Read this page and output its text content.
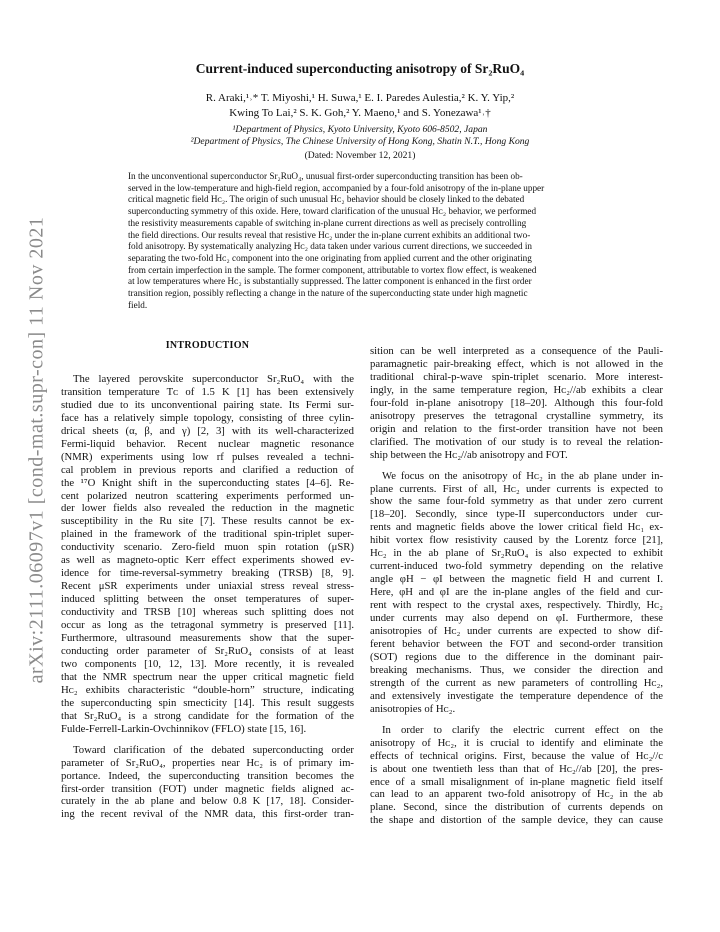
arXiv:2111.06097v1 [cond-mat.supr-con] 11 Nov 2021
Current-induced superconducting anisotropy of Sr₂RuO₄
R. Araki,¹˒* T. Miyoshi,¹ H. Suwa,¹ E. I. Paredes Aulestia,² K. Y. Yip,²
Kwing To Lai,² S. K. Goh,² Y. Maeno,¹ and S. Yonezawa¹˒†
¹Department of Physics, Kyoto University, Kyoto 606-8502, Japan
²Department of Physics, The Chinese University of Hong Kong, Shatin N.T., Hong Kong
(Dated: November 12, 2021)
In the unconventional superconductor Sr₂RuO₄, unusual first-order superconducting transition has been ob-
served in the low-temperature and high-field region, accompanied by a four-fold anisotropy of the in-plane upper
critical magnetic field Hᴄ₂. The origin of such unusual Hᴄ₂ behavior should be closely linked to the debated
superconducting symmetry of this oxide. Here, toward clarification of the unusual Hᴄ₂ behavior, we performed
the resistivity measurements capable of switching in-plane current directions as well as precisely controlling
the field directions. Our results reveal that resistive Hᴄ₂ under the in-plane current exhibits an additional two-
fold anisotropy. By systematically analyzing Hᴄ₂ data taken under various current directions, we succeeded in
separating the two-fold Hᴄ₂ component into the one originating from applied current and the other originating
from certain imperfection in the sample. The former component, attributable to vortex flow effect, is weakened
at low temperatures where Hᴄ₂ is substantially suppressed. The latter component is enhanced in the first order
transition region, possibly reflecting a change in the nature of the superconducting state under high magnetic
field.
INTRODUCTION
The layered perovskite superconductor Sr₂RuO₄ with the
transition temperature Tᴄ of 1.5 K [1] has been extensively
studied due to its unconventional pairing state. Its Fermi sur-
face has a relatively simple topology, consisting of three cylin-
drical sheets (α, β, and γ) [2, 3] with its well-characterized
Fermi-liquid behavior. Recent nuclear magnetic resonance
(NMR) experiments using low rf pulses revealed a techni-
cal problem in previous reports and clarified a reduction of
the ¹⁷O Knight shift in the superconducting states [4–6]. Re-
cent polarized neutron scattering experiments performed un-
der lower fields also revealed the reduction in the magnetic
susceptibility in the Ru site [7]. These results cannot be ex-
plained in the framework of the traditional spin-triplet super-
conductivity scenario. Zero-field muon spin rotation (μSR)
as well as magneto-optic Kerr effect experiments showed ev-
idence for time-reversal-symmetry breaking (TRSB) [8, 9].
Recent μSR experiments under uniaxial stress reveal stress-
induced splitting between the onset temperatures of super-
conductivity and TRSB [10] whereas such splitting does not
occur as long as the tetragonal symmetry is preserved [11].
Furthermore, ultrasound measurements show that the super-
conducting order parameter of Sr₂RuO₄ consists of at least
two components [10, 12, 13]. More recently, it is revealed
that the NMR spectrum near the upper critical magnetic field
Hᴄ₂ exhibits characteristic “double-horn” structure, indicating
the superconducting spin smecticity [14]. This result suggests
that Sr₂RuO₄ is a strong candidate for the formation of the
Fulde-Ferrell-Larkin-Ovchinnikov (FFLO) state [15, 16].
Toward clarification of the debated superconducting order
parameter of Sr₂RuO₄, properties near Hᴄ₂ is of primary im-
portance. Indeed, the superconducting transition becomes the
first-order transition (FOT) under magnetic fields aligned ac-
curately in the ab plane and below 0.8 K [17, 18]. Consider-
ing the recent revival of the NMR data, this first-order tran-
sition can be well interpreted as a consequence of the Pauli-
paramagnetic pair-breaking effect, which is not allowed in the
traditional chiral-p-wave spin-triplet scenario. More interest-
ingly, in the same temperature region, Hᴄ₂//ab exhibits a clear
four-fold in-plane anisotropy [18–20]. Although this four-fold
anisotropy preserves the tetragonal crystalline symmetry, its
origin and relation to the first-order transition have not been
clarified. The motivation of our study is to reveal the relation-
ship between the Hᴄ₂//ab anisotropy and FOT.
We focus on the anisotropy of Hᴄ₂ in the ab plane under in-
plane currents. First of all, Hᴄ₂ under currents is expected to
show the same four-fold symmetry as that under zero current
[18–20]. Secondly, since type-II superconductors under cur-
rents and magnetic fields above the lower critical field Hᴄ₁ ex-
hibit vortex flow resistivity caused by the Lorentz force [21],
Hᴄ₂ in the ab plane of Sr₂RuO₄ is also expected to exhibit
current-induced two-fold symmetry depending on the relative
angle φH − φI between the magnetic field H and current I.
Here, φH and φI are the in-plane angles of the field and cur-
rent with respect to the crystal axes, respectively. Thirdly, Hᴄ₂
under currents may also depend on φI. Furthermore, these
anisotropies of Hᴄ₂ under currents are expected to show dif-
ferent behavior between the FOT and second-order transition
(SOT) regions due to the difference in the dominant pair-
breaking mechanisms. Thus, we consider the direction and
strength of the current as new parameters of controlling Hᴄ₂,
and extensively investigate the temperature dependence of the
anisotropies of Hᴄ₂.
In order to clarify the electric current effect on the
anisotropy of Hᴄ₂, it is crucial to identify and eliminate the
effects of technical origins. First, because the value of Hᴄ₂//c
is about one twentieth less than that of Hᴄ₂//ab [20], the pres-
ence of a small misalignment of in-plane magnetic field itself
can lead to an apparent two-fold anisotropy of Hᴄ₂ in the ab
plane. Second, since the distribution of currents depends on
the shape and distortion of the sample device, they can cause
